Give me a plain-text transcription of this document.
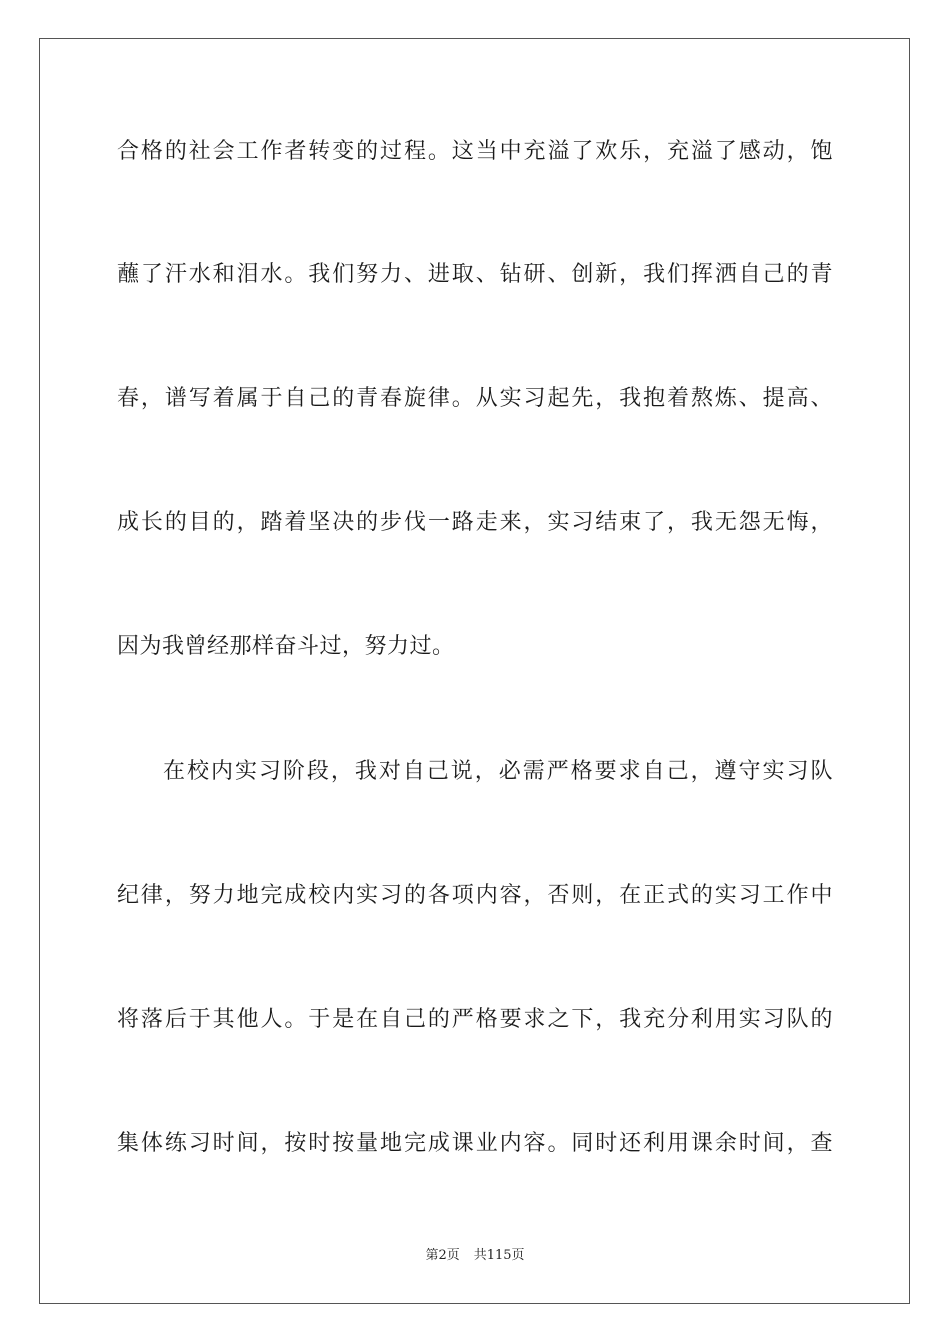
合格的社会工作者转变的过程。这当中充溢了欢乐，充溢了感动，饱
蘸了汗水和泪水。我们努力、进取、钻研、创新，我们挥洒自己的青
春，谱写着属于自己的青春旋律。从实习起先，我抱着熬炼、提高、
成长的目的，踏着坚决的步伐一路走来，实习结束了，我无怨无悔，
因为我曾经那样奋斗过，努力过。
在校内实习阶段，我对自己说，必需严格要求自己，遵守实习队
纪律，努力地完成校内实习的各项内容，否则，在正式的实习工作中
将落后于其他人。于是在自己的严格要求之下，我充分利用实习队的
集体练习时间，按时按量地完成课业内容。同时还利用课余时间，查
第2页 共115页
